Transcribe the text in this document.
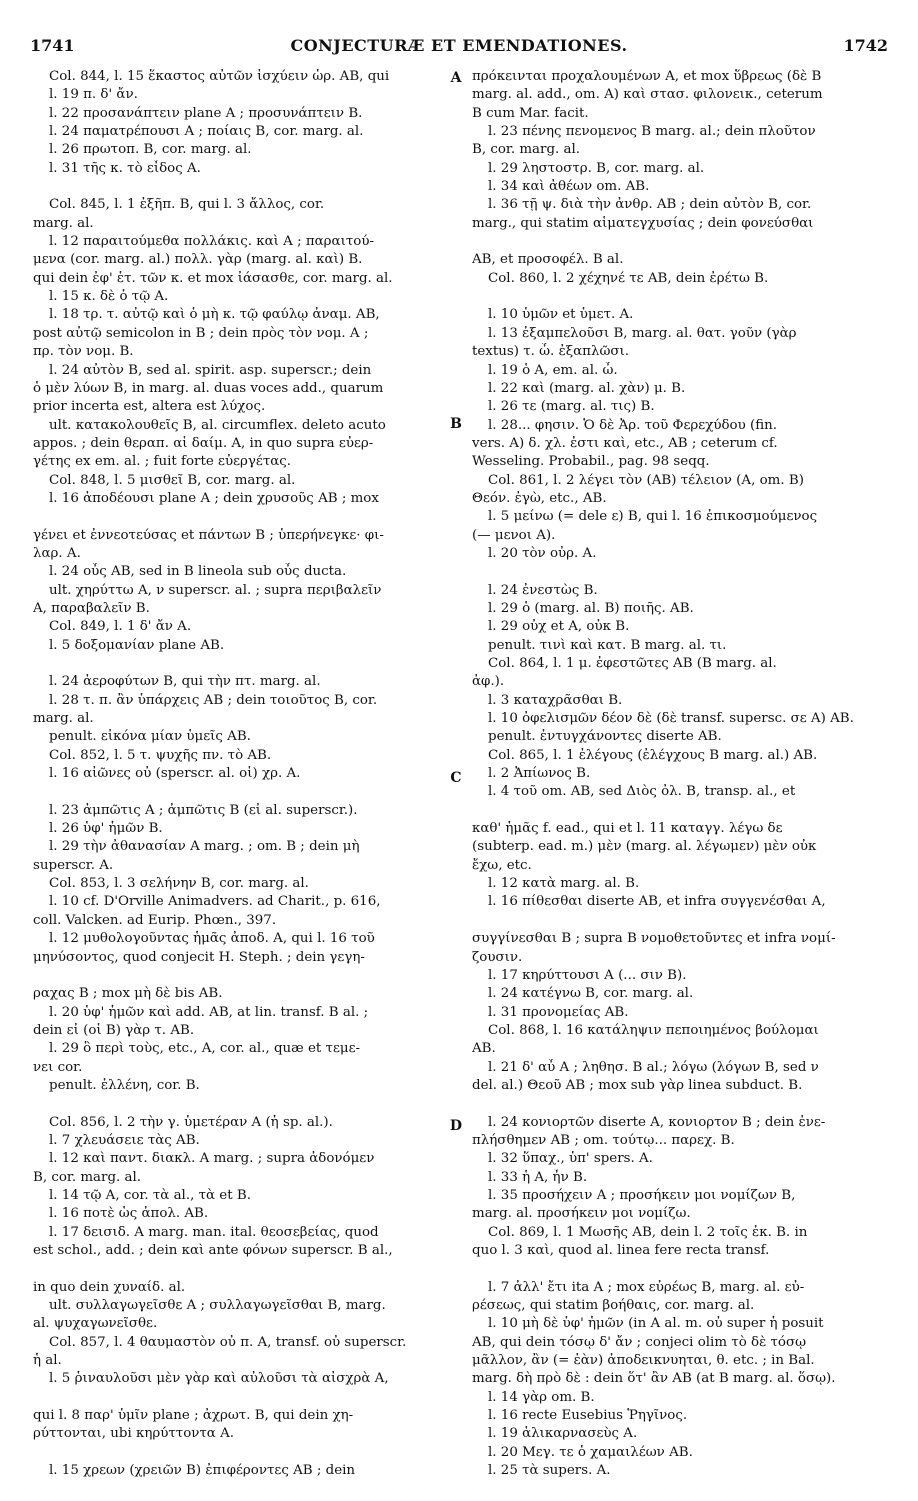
1741	CONJECTURÆ ET EMENDATIONES.	1742
Col. 844, l. 15 ἕκαστος αὐτῶν ἰσχύειν ὡρ. AB, qui
l. 19 π. δ' ἄν.
l. 22 προσανάπτειν plane A ; προσυνάπτειν B.
l. 24 παματρέπουσι A ; ποίαις B, cor. marg. al.
l. 26 πρωτοπ. B, cor. marg. al.
l. 31 τῆς κ. τὸ εἶδος A.
Col. 845, l. 1 ἐξῆπ. B, qui l. 3 ἄλλος, cor.
marg. al.
l. 12 παραιτούμεθα πολλάκις. καὶ A ; παραιτού-
μενα (cor. marg. al.) πολλ. γὰρ (marg. al. καὶ) B.
qui dein ἐφ' ἑτ. τῶν κ. et mox ἰάσασθε, cor. marg. al.
l. 15 κ. δὲ ὁ τῷ A.
l. 18 τρ. τ. αὐτῷ καὶ ὁ μὴ κ. τῷ φαύλῳ ἀναμ. AB,
post αὐτῷ semicolon in B ; dein πρὸς τὸν νομ. A ;
πρ. τὸν νομ. B.
l. 24 αὐτὸν B, sed al. spirit. asp. superscr.; dein
ὁ μὲν λύων B, in marg. al. duas voces add., quarum
prior incerta est, altera est λύχος.
ult. κατακολουθεῖς B, al. circumflex. deleto acuto
appos. ; dein θεραπ. αἱ δαίμ. A, in quo supra εὐερ-
γέτης ex em. al. ; fuit forte εὐεργέτας.
Col. 848, l. 5 μισθεῖ B, cor. marg. al.
l. 16 ἀποδέουσι plane A ; dein χρυσοῦς AB ; mox
γένει et ἐννεοτεύσας et πάντων B ; ὑπερήνεγκε· φι-
λαρ. A.
l. 24 οὖς AB, sed in B lineola sub οὖς ducta.
ult. χηρύττω A, ν superscr. al. ; supra περιβαλεῖν
A, παραβαλεῖν B.
Col. 849, l. 1 δ' ἄν A.
l. 5 δοξομανίαν plane AB.
l. 24 ἀεροφύτων B, qui τὴν πτ. marg. al.
l. 28 τ. π. ἂν ὑπάρχεις AB ; dein τοιοῦτος B, cor.
marg. al.
penult. εἰκόνα μίαν ὑμεῖς AB.
Col. 852, l. 5 τ. ψυχῆς πν. τὸ AB.
l. 16 αἰῶνες οὐ (sperscr. al. οἱ) χρ. A.
l. 23 ἀμπῶτις A ; ἀμπῶτις B (εἰ al. superscr.).
l. 26 ὑφ' ἡμῶν B.
l. 29 τὴν ἀθανασίαν A marg. ; om. B ; dein μὴ
superscr. A.
Col. 853, l. 3 σελήνην B, cor. marg. al.
l. 10 cf. D'Orville Animadvers. ad Charit., p. 616,
coll. Valcken. ad Eurip. Phœn., 397.
l. 12 μυθολογοῦντας ἡμᾶς ἀποδ. A, qui l. 16 τοῦ
μηνύσοντος, quod conjecit H. Steph. ; dein γεγη-
ραχας B ; mox μὴ δὲ bis AB.
l. 20 ὑφ' ἡμῶν καὶ add. AB, at lin. transf. B al. ;
dein εἰ (οἱ B) γὰρ τ. AB.
l. 29 ὃ περὶ τοὺς, etc., A, cor. al., quæ et τεμε-
νει cor.
penult. ἐλλένη, cor. B.
Col. 856, l. 2 τὴν γ. ὑμετέραν A (ἡ sp. al.).
l. 7 χλευάσειε τὰς AB.
l. 12 καὶ παντ. διακλ. A marg. ; supra ἀδονόμεν
B, cor. marg. al.
l. 14 τῷ A, cor. τὰ al., τὰ et B.
l. 16 ποτὲ ὡς ἀπολ. AB.
l. 17 δεισιδ. A marg. man. ital. θεοσεβείας, quod
est schol., add. ; dein καὶ ante φόνων superscr. B al.,
in quo dein χυναίδ. al.
ult. συλλαγωγεῖσθε A ; συλλαγωγεῖσθαι B, marg.
al. ψυχαγωνεῖσθε.
Col. 857, l. 4 θαυμαστὸν οὐ π. A, transf. οὐ superscr.
ἡ al.
l. 5 ῥιναυλοῦσι μὲν γὰρ καὶ αὐλοῦσι τὰ αἰσχρὰ A,
qui l. 8 παρ' ὑμῖν plane ; ἀχρωτ. B, qui dein χη-
ρύττονται, ubi κηρύττοντα A.
l. 15 χρεων (χρειῶν B) ἐπιφέροντες AB ; dein
A
B
C
D
πρόκεινται προχαλουμένων A, et mox ὕβρεως (δὲ B
marg. al. add., om. A) καὶ στασ. φιλονεικ., ceterum
B cum Mar. facit.
l. 23 πένης πενομενος B marg. al.; dein πλοῦτον
B, cor. marg. al.
l. 29 ληστοστρ. B, cor. marg. al.
l. 34 καὶ ἀθέων om. AB.
l. 36 τῇ ψ. διὰ τὴν ἀνθρ. AB ; dein αὐτὸν B, cor.
marg., qui statim αἱματεγχυσίας ; dein φονεύσθαι
AB, et προσοφέλ. B al.
Col. 860, l. 2 χέχηνέ τε AB, dein ἐρέτω B.
l. 10 ὑμῶν et ὑμετ. A.
l. 13 ἐξαμπελοῦσι B, marg. al. θατ. γοῦν (γὰρ
textus) τ. ὦ. ἐξαπλῶσι.
l. 19 ὁ A, em. al. ὦ.
l. 22 καὶ (marg. al. χὰν) μ. B.
l. 26 τε (marg. al. τις) B.
l. 28... φησιν. Ὁ δὲ Ἀρ. τοῦ Φερεχύδου (fin.
vers. A) δ. χλ. ἐστι καὶ, etc., AB ; ceterum cf.
Wesseling. Probabil., pag. 98 seqq.
Col. 861, l. 2 λέγει τὸν (AB) τέλειον (A, om. B)
Θεόν. ἐγὼ, etc., AB.
l. 5 μείνω (= dele ε) B, qui l. 16 ἐπικοσμούμενος
(— μενοι A).
l. 20 τὸν οὐρ. A.
l. 24 ἐνεστὼς B.
l. 29 ὁ (marg. al. B) ποιῆς. AB.
l. 29 οὐχ et A, οὐκ B.
penult. τινὶ καὶ κατ. B marg. al. τι.
Col. 864, l. 1 μ. ἐφεστῶτες AB (B marg. al.
ἀφ.).
l. 3 καταχρᾶσθαι B.
l. 10 ὀφελισμῶν δέον δὲ (δὲ transf. supersc. σε A) AB.
penult. ἐντυγχάνοντες diserte AB.
Col. 865, l. 1 ἐλέγους (ἐλέγχους B marg. al.) AB.
l. 2 Ἀπίωνος B.
l. 4 τοῦ om. AB, sed Διὸς ὀλ. B, transp. al., et
καθ' ἡμᾶς f. ead., qui et l. 11 καταγγ. λέγω δε
(subterp. ead. m.) μὲν (marg. al. λέγωμεν) μὲν οὐκ
ἔχω, etc.
l. 12 κατὰ marg. al. B.
l. 16 πίθεσθαι diserte AB, et infra συγγενέσθαι A,
συγγίνεσθαι B ; supra B νομοθετοῦντες et infra νομί-
ζουσιν.
l. 17 κηρύττουσι A (... σιν B).
l. 24 κατέγνω B, cor. marg. al.
l. 31 προνομείας AB.
Col. 868, l. 16 κατάληψιν πεποιημένος βούλομαι
AB.
l. 21 δ' αὖ A ; ληθησ. B al.; λόγω (λόγων B, sed ν
del. al.) Θεοῦ AB ; mox sub γὰρ linea subduct. B.
l. 24 κονιορτῶν diserte A, κονιορτον B ; dein ἐνε-
πλήσθημεν AB ; om. τούτῳ... παρεχ. B.
l. 32 ὕπαχ., ὑπ' spers. A.
l. 33 ἡ A, ἦν B.
l. 35 προσήχειν A ; προσήκειν μοι νομίζων B,
marg. al. προσήκειν μοι νομίζω.
Col. 869, l. 1 Μωσῆς AB, dein l. 2 τοῖς ἐκ. B. in
quo l. 3 καὶ, quod al. linea fere recta transf.
l. 7 ἀλλ' ἔτι ita A ; mox εὐρέως B, marg. al. εὐ-
ρέσεως, qui statim βοήθαις, cor. marg. al.
l. 10 μὴ δὲ ὑφ' ἡμῶν (in A al. m. οὐ super ἡ posuit
AB, qui dein τόσῳ δ' ἄν ; conjeci olim τὸ δὲ τόσῳ
μᾶλλον, ἂν (= ἐὰν) ἀποδεικνυηται, θ. etc. ; in Bal.
marg. δὴ πρὸ δὲ : dein ὅτ' ἂν AB (at B marg. al. ὅσῳ).
l. 14 γὰρ om. B.
l. 16 recte Eusebius Ῥηγῖνος.
l. 19 ἁλικαρνασεὺς A.
l. 20 Μεγ. τε ὁ χαμαιλέων AB.
l. 25 τὰ supers. A.
